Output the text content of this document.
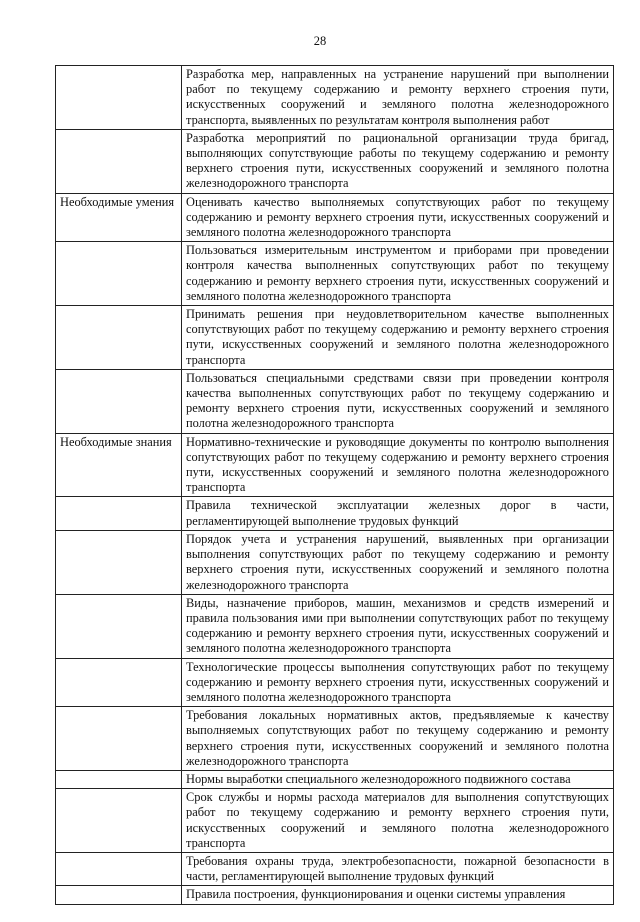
28
	Разработка мер, направленных на устранение нарушений при выполнении работ по текущему содержанию и ремонту верхнего строения пути, искусственных сооружений и земляного полотна железнодорожного транспорта, выявленных по результатам контроля выполнения работ
	Разработка мероприятий по рациональной организации труда бригад, выполняющих сопутствующие работы по текущему содержанию и ремонту верхнего строения пути, искусственных сооружений и земляного полотна железнодорожного транспорта
Необходимые умения	Оценивать качество выполняемых сопутствующих работ по текущему содержанию и ремонту верхнего строения пути, искусственных сооружений и земляного полотна железнодорожного транспорта
	Пользоваться измерительным инструментом и приборами при проведении контроля качества выполненных сопутствующих работ по текущему содержанию и ремонту верхнего строения пути, искусственных сооружений и земляного полотна железнодорожного транспорта
	Принимать решения при неудовлетворительном качестве выполненных сопутствующих работ по текущему содержанию и ремонту верхнего строения пути, искусственных сооружений и земляного полотна железнодорожного транспорта
	Пользоваться специальными средствами связи при проведении контроля качества выполненных сопутствующих работ по текущему содержанию и ремонту верхнего строения пути, искусственных сооружений и земляного полотна железнодорожного транспорта
Необходимые знания	Нормативно-технические и руководящие документы по контролю выполнения сопутствующих работ по текущему содержанию и ремонту верхнего строения пути, искусственных сооружений и земляного полотна железнодорожного транспорта
	Правила технической эксплуатации железных дорог в части, регламентирующей выполнение трудовых функций
	Порядок учета и устранения нарушений, выявленных при организации выполнения сопутствующих работ по текущему содержанию и ремонту верхнего строения пути, искусственных сооружений и земляного полотна железнодорожного транспорта
	Виды, назначение приборов, машин, механизмов и средств измерений и правила пользования ими при выполнении сопутствующих работ по текущему содержанию и ремонту верхнего строения пути, искусственных сооружений и земляного полотна железнодорожного транспорта
	Технологические процессы выполнения сопутствующих работ по текущему содержанию и ремонту верхнего строения пути, искусственных сооружений и земляного полотна железнодорожного транспорта
	Требования локальных нормативных актов, предъявляемые к качеству выполняемых сопутствующих работ по текущему содержанию и ремонту верхнего строения пути, искусственных сооружений и земляного полотна железнодорожного транспорта
	Нормы выработки специального железнодорожного подвижного состава
	Срок службы и нормы расхода материалов для выполнения сопутствующих работ по текущему содержанию и ремонту верхнего строения пути, искусственных сооружений и земляного полотна железнодорожного транспорта
	Требования охраны труда, электробезопасности, пожарной безопасности в части, регламентирующей выполнение трудовых функций
	Правила построения, функционирования и оценки системы управления
